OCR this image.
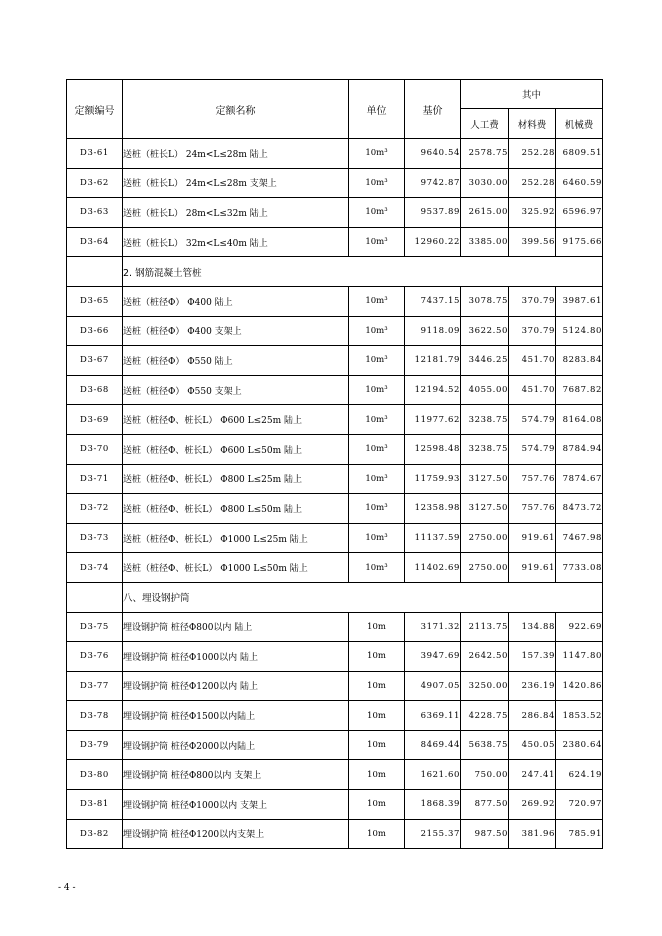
定额编号	定额名称	单位	基价	其中		
				人工费	材料费	机械费
D3-61	送桩（桩长L） 24m<L≤28m 陆上	10m³	9640.54	2578.75	252.28	6809.51
D3-62	送桩（桩长L） 24m<L≤28m 支架上	10m³	9742.87	3030.00	252.28	6460.59
D3-63	送桩（桩长L） 28m<L≤32m 陆上	10m³	9537.89	2615.00	325.92	6596.97
D3-64	送桩（桩长L） 32m<L≤40m 陆上	10m³	12960.22	3385.00	399.56	9175.66
	2. 钢筋混凝土管桩					
D3-65	送桩（桩径Φ） Φ400 陆上	10m³	7437.15	3078.75	370.79	3987.61
D3-66	送桩（桩径Φ） Φ400 支架上	10m³	9118.09	3622.50	370.79	5124.80
D3-67	送桩（桩径Φ） Φ550 陆上	10m³	12181.79	3446.25	451.70	8283.84
D3-68	送桩（桩径Φ） Φ550 支架上	10m³	12194.52	4055.00	451.70	7687.82
D3-69	送桩（桩径Φ、桩长L） Φ600 L≤25m 陆上	10m³	11977.62	3238.75	574.79	8164.08
D3-70	送桩（桩径Φ、桩长L） Φ600 L≤50m 陆上	10m³	12598.48	3238.75	574.79	8784.94
D3-71	送桩（桩径Φ、桩长L） Φ800 L≤25m 陆上	10m³	11759.93	3127.50	757.76	7874.67
D3-72	送桩（桩径Φ、桩长L） Φ800 L≤50m 陆上	10m³	12358.98	3127.50	757.76	8473.72
D3-73	送桩（桩径Φ、桩长L） Φ1000 L≤25m 陆上	10m³	11137.59	2750.00	919.61	7467.98
D3-74	送桩（桩径Φ、桩长L） Φ1000 L≤50m 陆上	10m³	11402.69	2750.00	919.61	7733.08
	八、埋设钢护筒					
D3-75	埋设钢护筒 桩径Φ800以内 陆上	10m	3171.32	2113.75	134.88	922.69
D3-76	埋设钢护筒 桩径Φ1000以内 陆上	10m	3947.69	2642.50	157.39	1147.80
D3-77	埋设钢护筒 桩径Φ1200以内 陆上	10m	4907.05	3250.00	236.19	1420.86
D3-78	埋设钢护筒 桩径Φ1500以内陆上	10m	6369.11	4228.75	286.84	1853.52
D3-79	埋设钢护筒 桩径Φ2000以内陆上	10m	8469.44	5638.75	450.05	2380.64
D3-80	埋设钢护筒 桩径Φ800以内 支架上	10m	1621.60	750.00	247.41	624.19
D3-81	埋设钢护筒 桩径Φ1000以内 支架上	10m	1868.39	877.50	269.92	720.97
D3-82	埋设钢护筒 桩径Φ1200以内支架上	10m	2155.37	987.50	381.96	785.91
- 4 -
